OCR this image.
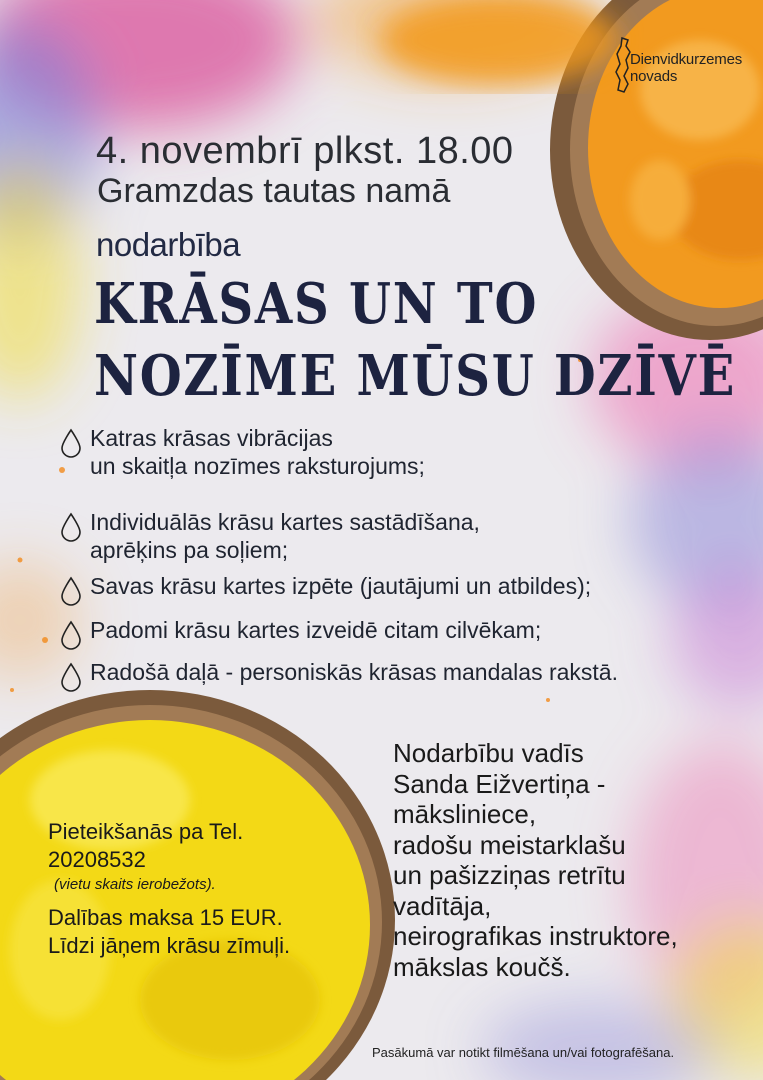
Dienvidkurzemes
novads
4. novembrī plkst. 18.00
Gramzdas tautas namā
nodarbība
KRĀSAS UN TO
NOZĪME MŪSU DZĪVĒ
Katras krāsas vibrācijas
un skaitļa nozīmes raksturojums;
Individuālās krāsu kartes sastādīšana,
aprēķins pa soļiem;
Savas krāsu kartes izpēte (jautājumi un atbildes);
Padomi krāsu kartes izveidē citam cilvēkam;
Radošā daļā - personiskās krāsas mandalas rakstā.
Pieteikšanās pa Tel.
20208532
(vietu skaits ierobežots).
Dalības maksa 15 EUR.
Līdzi jāņem krāsu zīmuļi.
Nodarbību vadīs
Sanda Eižvertiņa -
māksliniece,
radošu meistarklašu
un pašizziņas retrītu
vadītāja,
neirografikas instruktore,
mākslas koučš.
Pasākumā var notikt filmēšana un/vai fotografēšana.
